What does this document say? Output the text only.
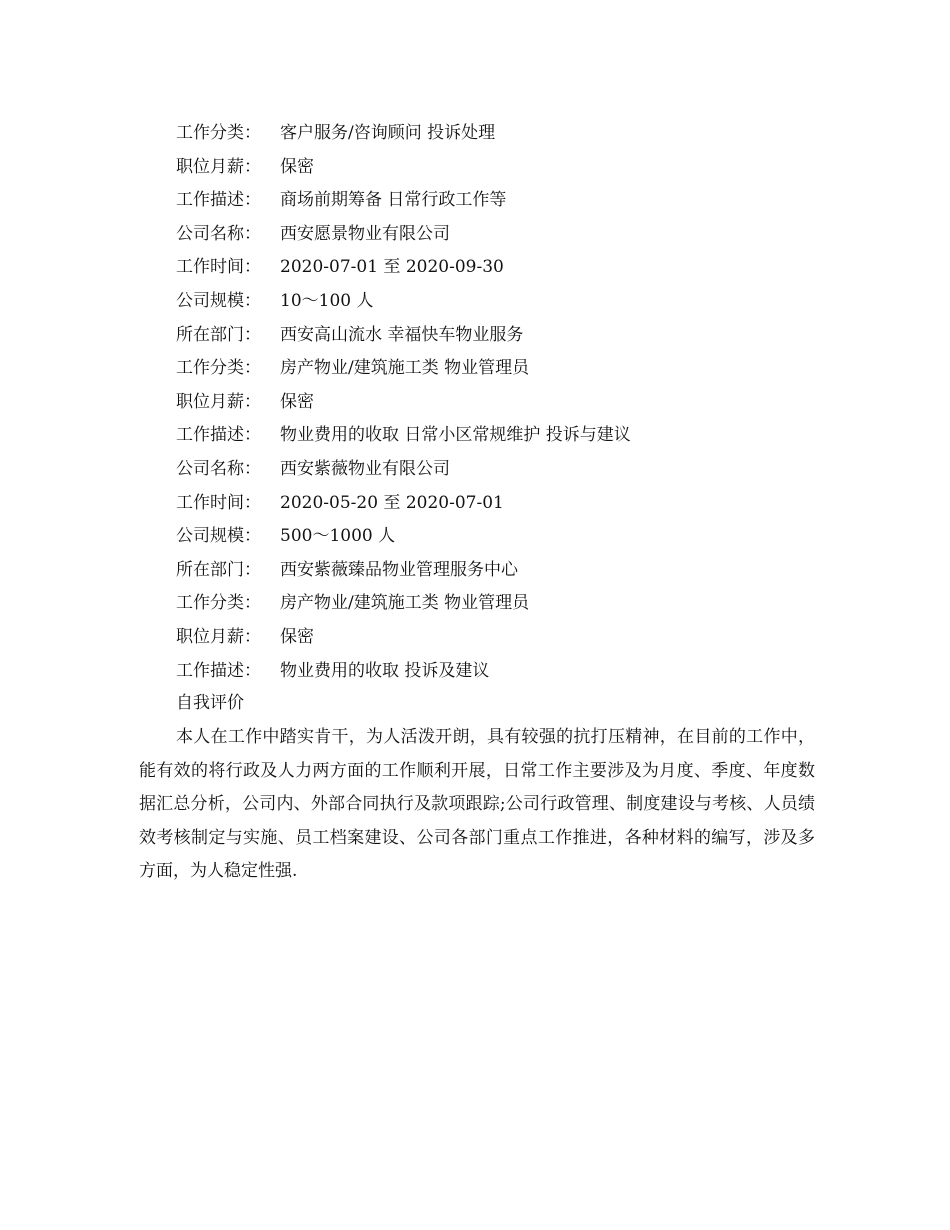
工作分类：	客户服务/咨询顾问 投诉处理
职位月薪：	保密
工作描述：	商场前期筹备 日常行政工作等
公司名称：	西安愿景物业有限公司
工作时间：	2020-07-01 至 2020-09-30
公司规模：	10～100 人
所在部门：	西安高山流水 幸福快车物业服务
工作分类：	房产物业/建筑施工类 物业管理员
职位月薪：	保密
工作描述：	物业费用的收取 日常小区常规维护 投诉与建议
公司名称：	西安紫薇物业有限公司
工作时间：	2020-05-20 至 2020-07-01
公司规模：	500～1000 人
所在部门：	西安紫薇臻品物业管理服务中心
工作分类：	房产物业/建筑施工类 物业管理员
职位月薪：	保密
工作描述：	物业费用的收取 投诉及建议
自我评价

本人在工作中踏实肯干，为人活泼开朗，具有较强的抗打压精神，在目前的工作中，能有效的将行政及人力两方面的工作顺利开展，日常工作主要涉及为月度、季度、年度数据汇总分析，公司内、外部合同执行及款项跟踪;公司行政管理、制度建设与考核、人员绩效考核制定与实施、员工档案建设、公司各部门重点工作推进，各种材料的编写，涉及多方面，为人稳定性强.
